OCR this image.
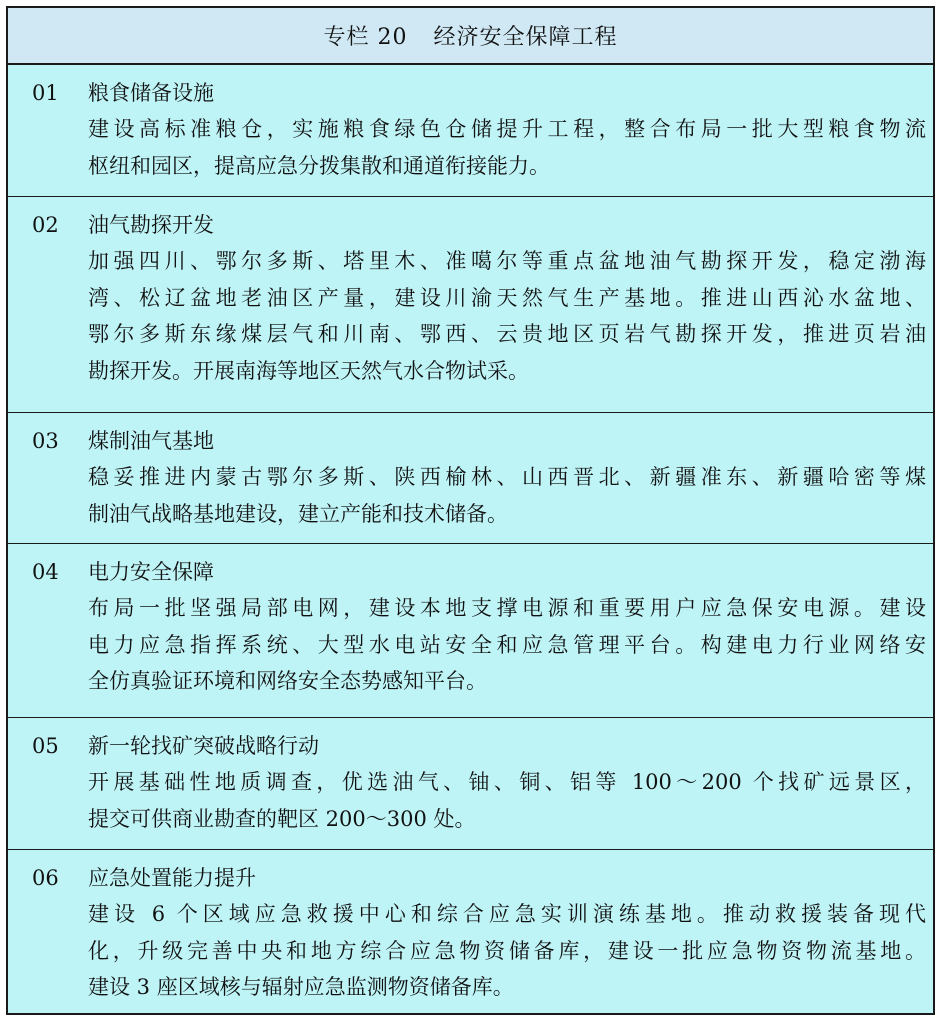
专栏 20 经济安全保障工程
01 粮食储备设施
建设高标准粮仓，实施粮食绿色仓储提升工程，整合布局一批大型粮食物流
枢纽和园区，提高应急分拨集散和通道衔接能力。
02 油气勘探开发
加强四川、鄂尔多斯、塔里木、准噶尔等重点盆地油气勘探开发，稳定渤海
湾、松辽盆地老油区产量，建设川渝天然气生产基地。推进山西沁水盆地、
鄂尔多斯东缘煤层气和川南、鄂西、云贵地区页岩气勘探开发，推进页岩油
勘探开发。开展南海等地区天然气水合物试采。
03 煤制油气基地
稳妥推进内蒙古鄂尔多斯、陕西榆林、山西晋北、新疆准东、新疆哈密等煤
制油气战略基地建设，建立产能和技术储备。
04 电力安全保障
布局一批坚强局部电网，建设本地支撑电源和重要用户应急保安电源。建设
电力应急指挥系统、大型水电站安全和应急管理平台。构建电力行业网络安
全仿真验证环境和网络安全态势感知平台。
05 新一轮找矿突破战略行动
开展基础性地质调查，优选油气、铀、铜、铝等 100～200 个找矿远景区，
提交可供商业勘查的靶区 200～300 处。
06 应急处置能力提升
建设 6 个区域应急救援中心和综合应急实训演练基地。推动救援装备现代
化，升级完善中央和地方综合应急物资储备库，建设一批应急物资物流基地。
建设 3 座区域核与辐射应急监测物资储备库。
